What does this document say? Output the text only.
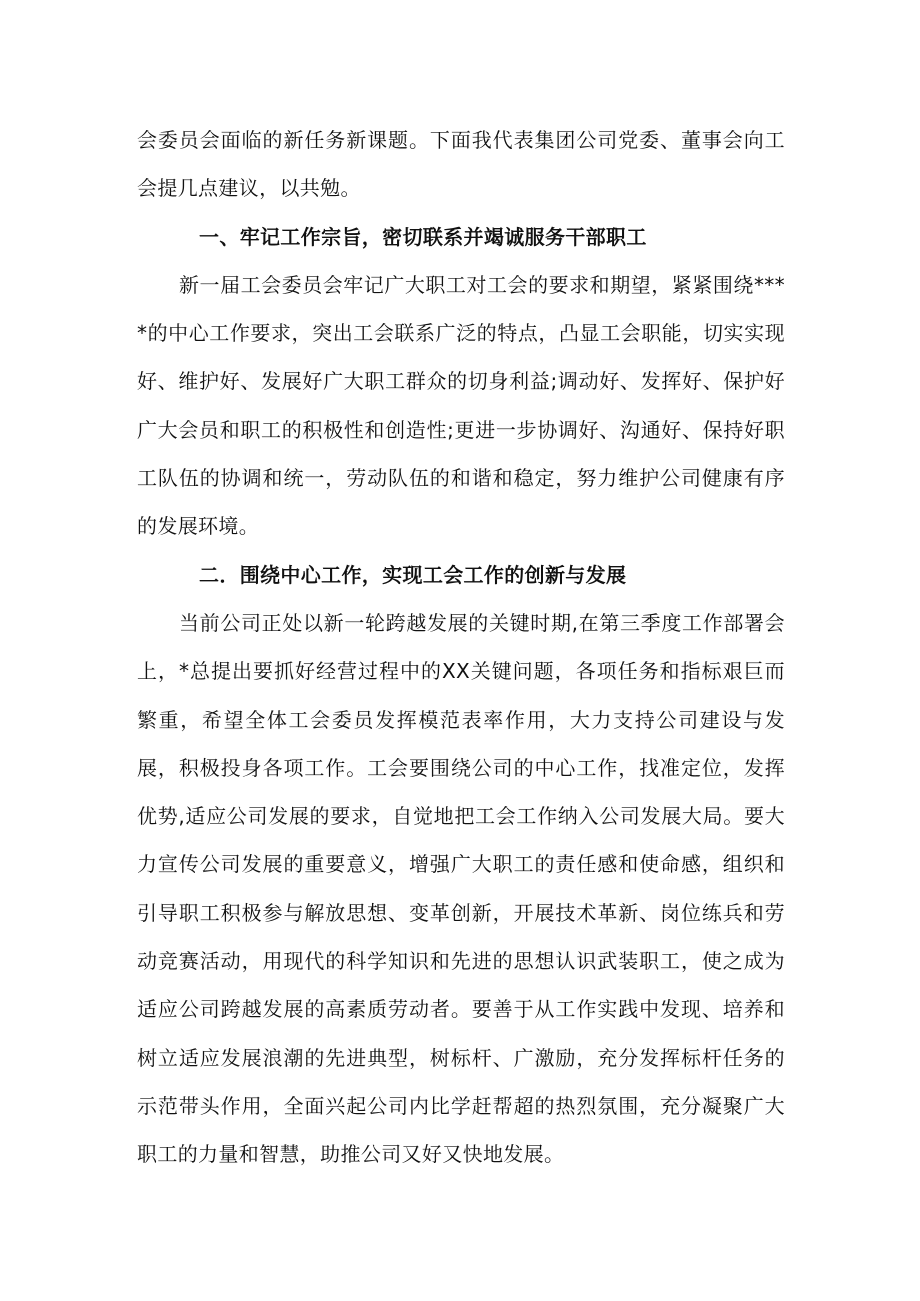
会委员会面临的新任务新课题。下面我代表集团公司党委、董事会向工会提几点建议，以共勉。

一、牢记工作宗旨，密切联系并竭诚服务干部职工

新一届工会委员会牢记广大职工对工会的要求和期望，紧紧围绕****的中心工作要求，突出工会联系广泛的特点，凸显工会职能，切实实现好、维护好、发展好广大职工群众的切身利益;调动好、发挥好、保护好广大会员和职工的积极性和创造性;更进一步协调好、沟通好、保持好职工队伍的协调和统一，劳动队伍的和谐和稳定，努力维护公司健康有序的发展环境。

二．围绕中心工作，实现工会工作的创新与发展

当前公司正处以新一轮跨越发展的关键时期,在第三季度工作部署会上，*总提出要抓好经营过程中的XX关键问题，各项任务和指标艰巨而繁重，希望全体工会委员发挥模范表率作用，大力支持公司建设与发展，积极投身各项工作。工会要围绕公司的中心工作，找准定位，发挥优势,适应公司发展的要求，自觉地把工会工作纳入公司发展大局。要大力宣传公司发展的重要意义，增强广大职工的责任感和使命感，组织和引导职工积极参与解放思想、变革创新，开展技术革新、岗位练兵和劳动竞赛活动，用现代的科学知识和先进的思想认识武装职工，使之成为适应公司跨越发展的高素质劳动者。要善于从工作实践中发现、培养和树立适应发展浪潮的先进典型，树标杆、广激励，充分发挥标杆任务的示范带头作用，全面兴起公司内比学赶帮超的热烈氛围，充分凝聚广大职工的力量和智慧，助推公司又好又快地发展。
